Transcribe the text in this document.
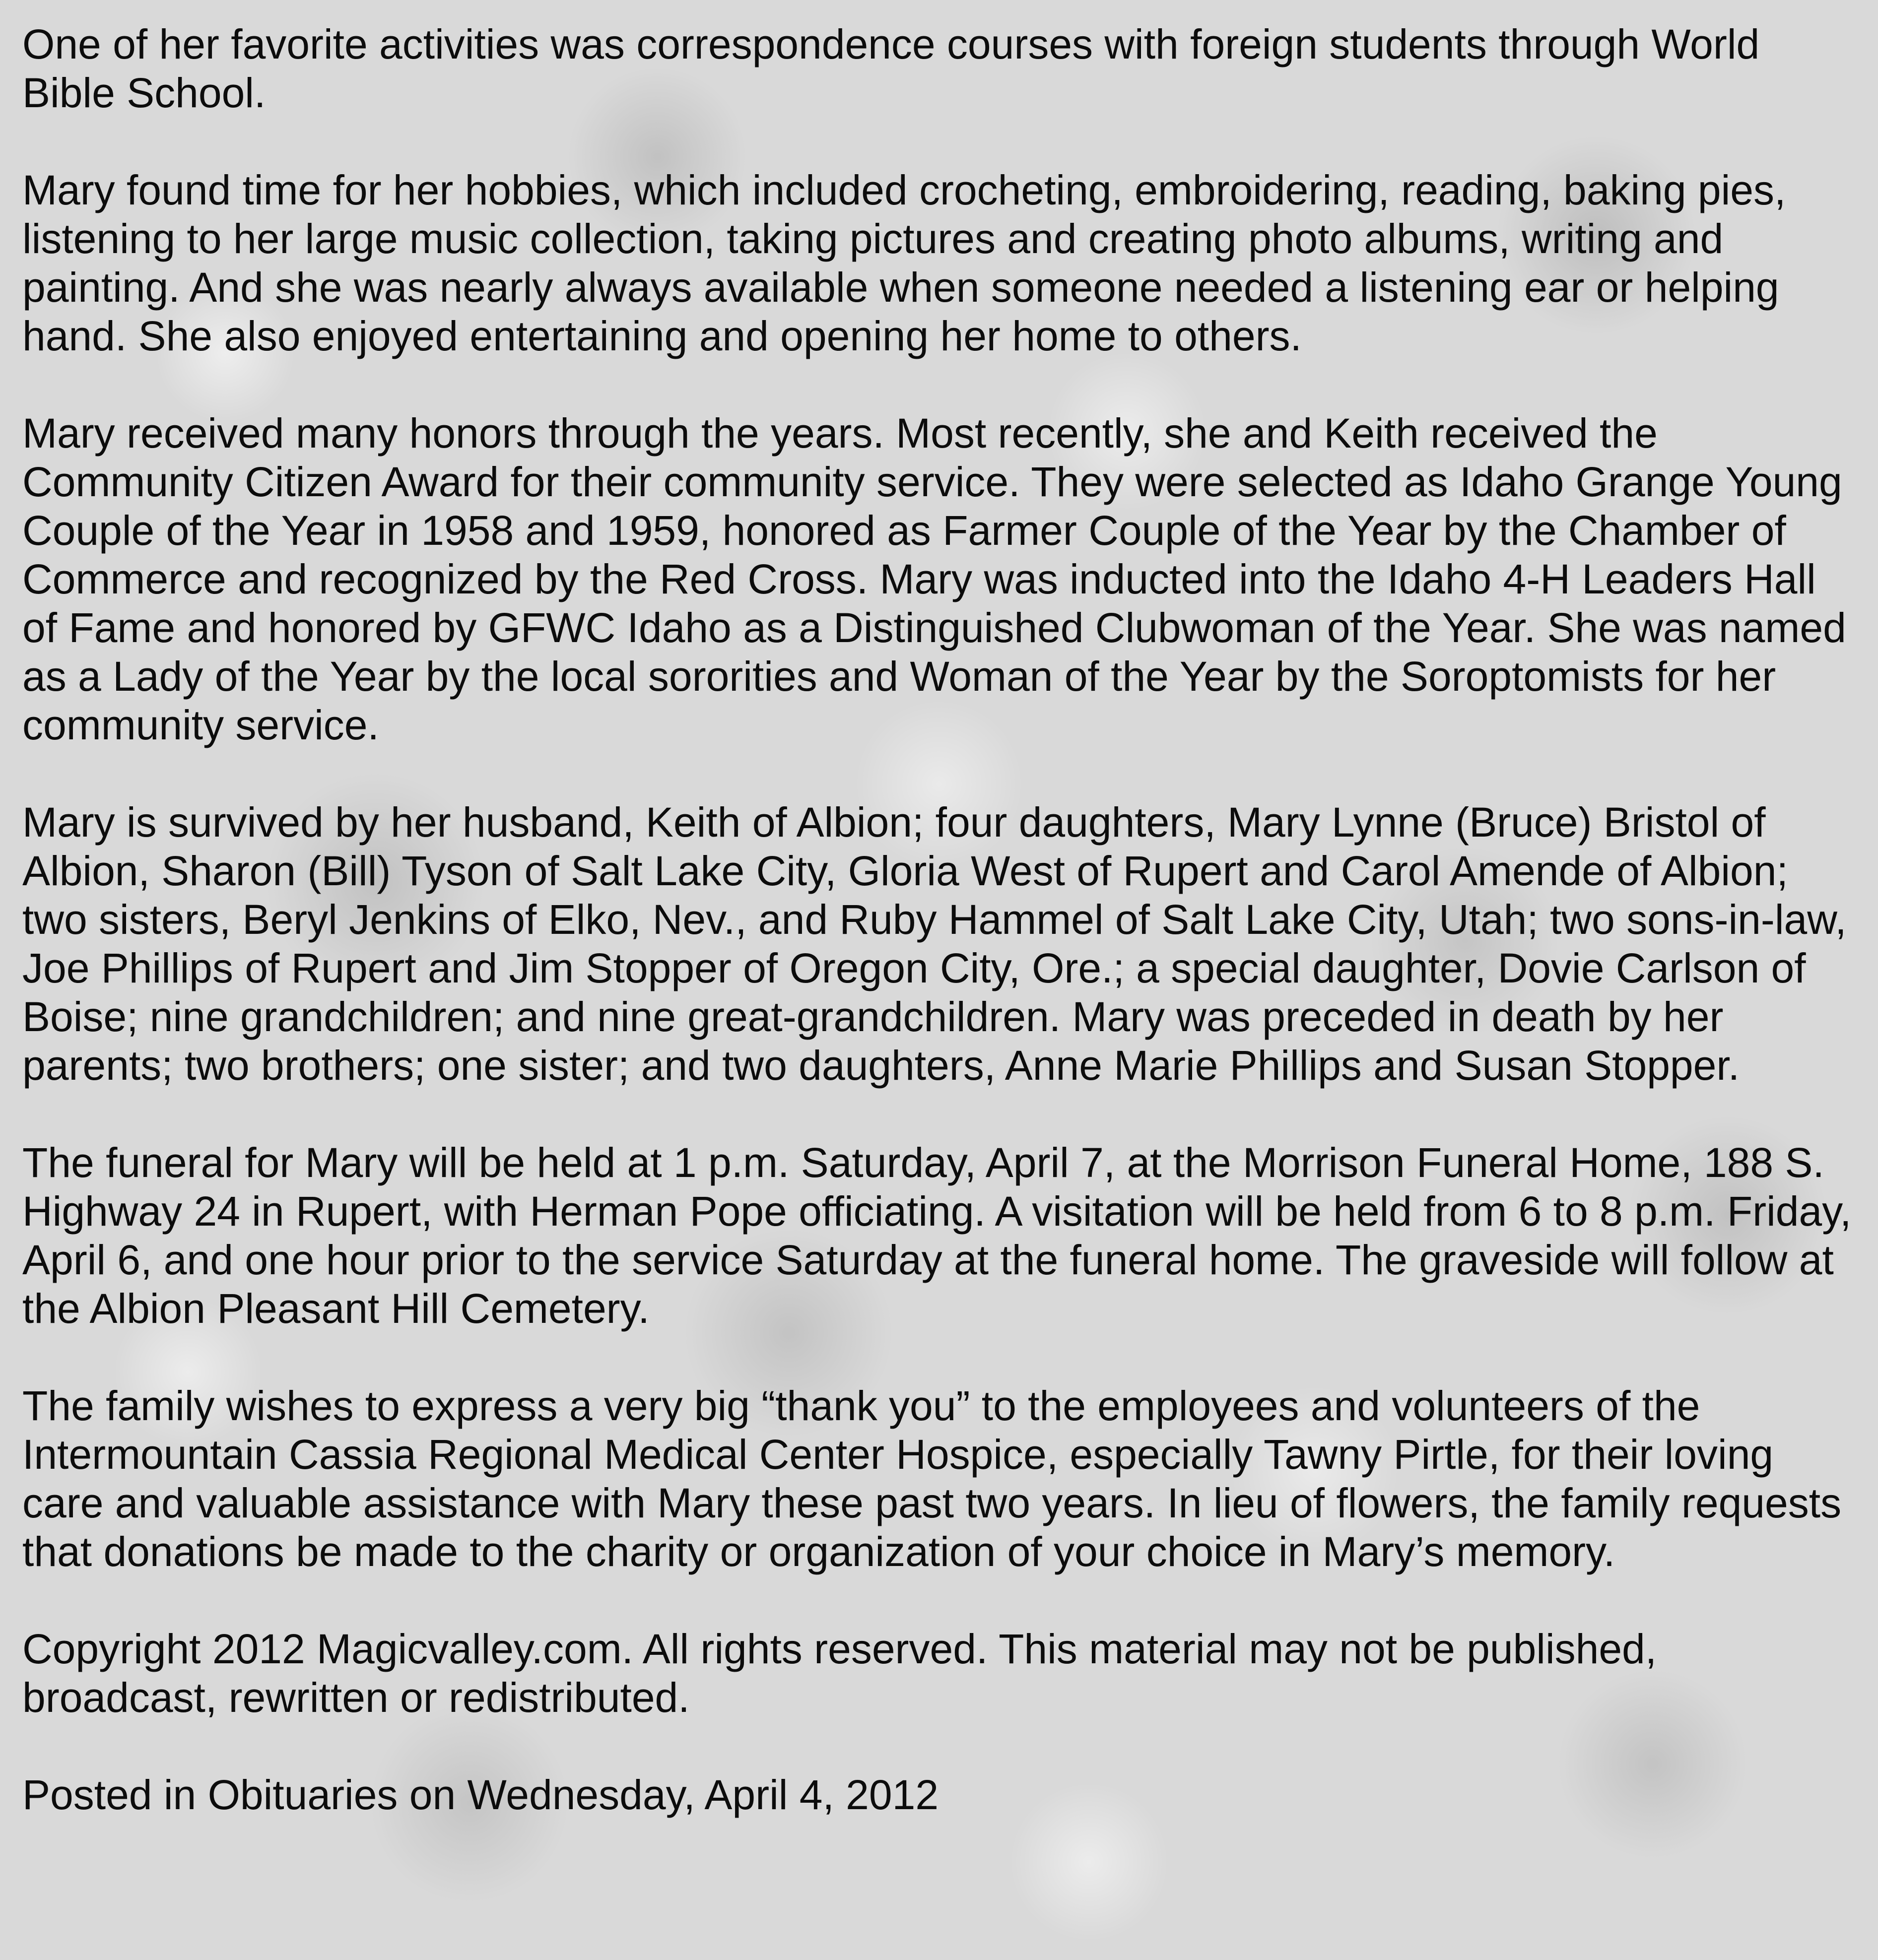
One of her favorite activities was correspondence courses with foreign students through World Bible School.

Mary found time for her hobbies, which included crocheting, embroidering, reading, baking pies, listening to her large music collection, taking pictures and creating photo albums, writing and painting. And she was nearly always available when someone needed a listening ear or helping hand. She also enjoyed entertaining and opening her home to others.

Mary received many honors through the years. Most recently, she and Keith received the Community Citizen Award for their community service. They were selected as Idaho Grange Young Couple of the Year in 1958 and 1959, honored as Farmer Couple of the Year by the Chamber of Commerce and recognized by the Red Cross. Mary was inducted into the Idaho 4-H Leaders Hall of Fame and honored by GFWC Idaho as a Distinguished Clubwoman of the Year. She was named as a Lady of the Year by the local sororities and Woman of the Year by the Soroptomists for her community service.

Mary is survived by her husband, Keith of Albion; four daughters, Mary Lynne (Bruce) Bristol of Albion, Sharon (Bill) Tyson of Salt Lake City, Gloria West of Rupert and Carol Amende of Albion; two sisters, Beryl Jenkins of Elko, Nev., and Ruby Hammel of Salt Lake City, Utah; two sons-in-law, Joe Phillips of Rupert and Jim Stopper of Oregon City, Ore.; a special daughter, Dovie Carlson of Boise; nine grandchildren; and nine great-grandchildren. Mary was preceded in death by her parents; two brothers; one sister; and two daughters, Anne Marie Phillips and Susan Stopper.

The funeral for Mary will be held at 1 p.m. Saturday, April 7, at the Morrison Funeral Home, 188 S. Highway 24 in Rupert, with Herman Pope officiating. A visitation will be held from 6 to 8 p.m. Friday, April 6, and one hour prior to the service Saturday at the funeral home. The graveside will follow at the Albion Pleasant Hill Cemetery.

The family wishes to express a very big “thank you” to the employees and volunteers of the Intermountain Cassia Regional Medical Center Hospice, especially Tawny Pirtle, for their loving care and valuable assistance with Mary these past two years. In lieu of flowers, the family requests that donations be made to the charity or organization of your choice in Mary’s memory.

Copyright 2012 Magicvalley.com. All rights reserved. This material may not be published, broadcast, rewritten or redistributed.

Posted in Obituaries on Wednesday, April 4, 2012
